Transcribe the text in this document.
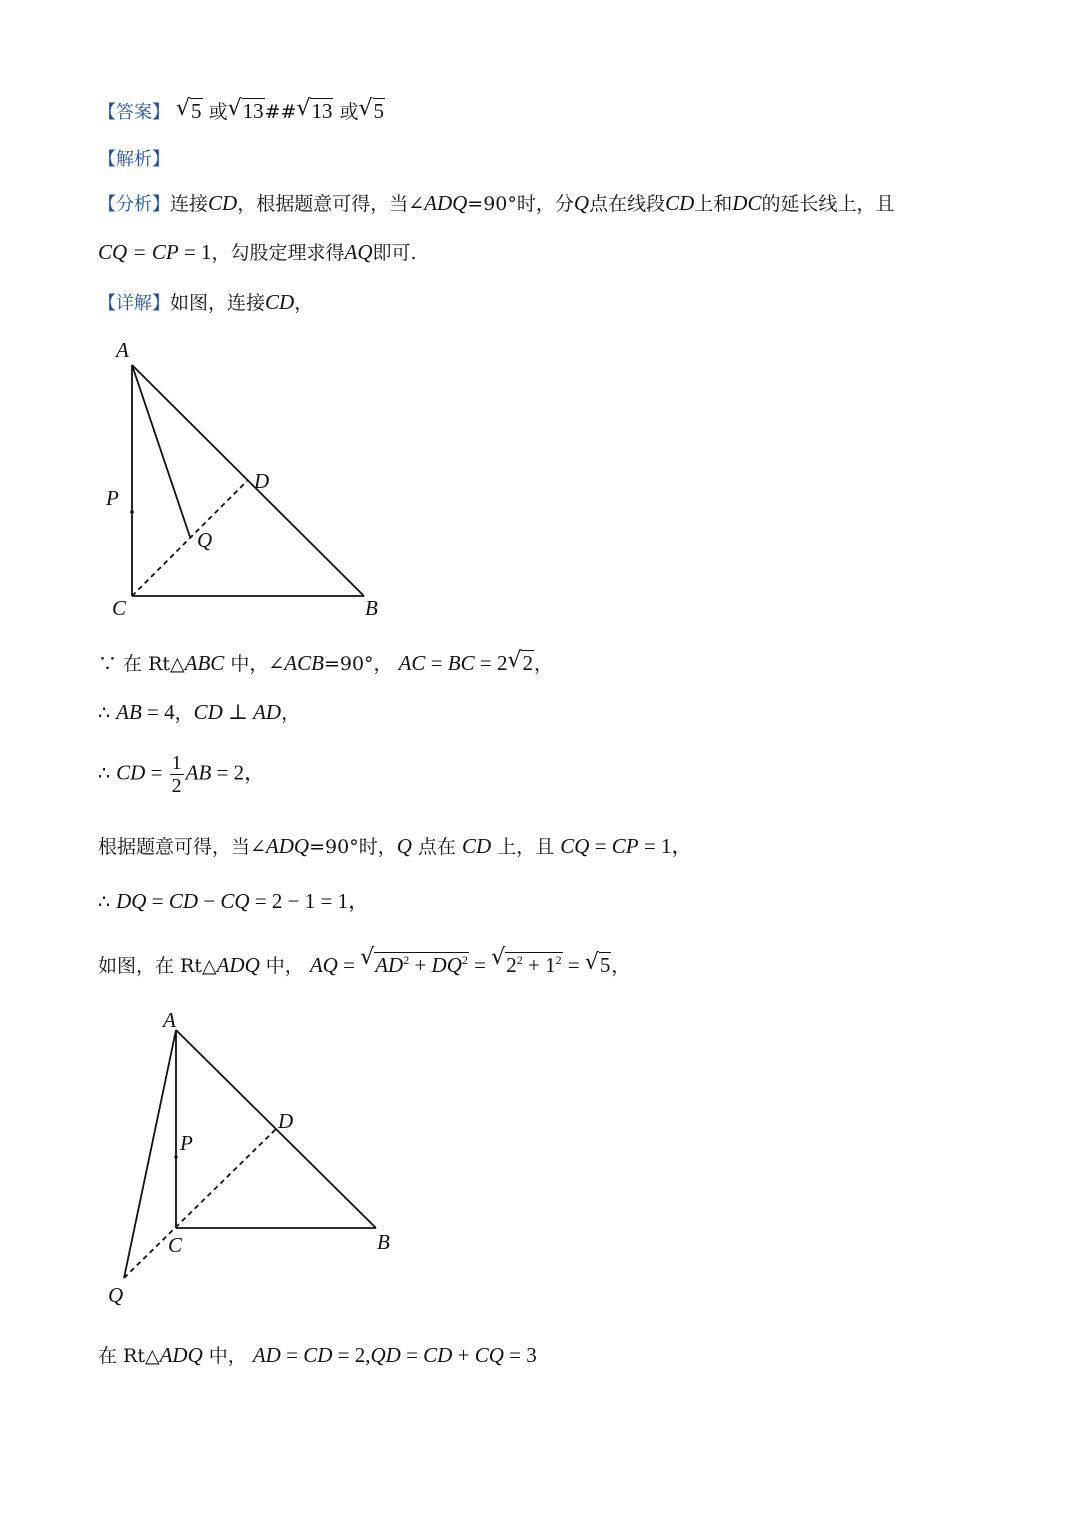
【答案】 √ 5 或 √ 13## √ 13 或 √ 5
【解析】
【分析】连接CD，根据题意可得，当∠ADQ=90°时，分Q点在线段CD上和DC的延长线上，且
CQ = CP = 1，勾股定理求得AQ即可.
【详解】如图，连接CD，
A
P
D
Q
C	B
∵ 在 Rt△ABC 中，∠ACB=90°， AC = BC = 2 √ 2，
∴ AB = 4，CD ⊥ AD，
∴ CD = $\frac{1}{2}$ AB = 2，
根据题意可得，当∠ADQ=90°时，Q 点在 CD 上，且 CQ = CP = 1，
∴ DQ = CD − CQ = 2 − 1 = 1，
如图，在 Rt△ADQ 中， AQ = √ $AD^2 + DQ^2$ = √ $2^2 + 1^2$ = √ 5，
A
P
D
C	B
Q
在 Rt△ADQ 中， AD = CD = 2,QD = CD + CQ = 3
